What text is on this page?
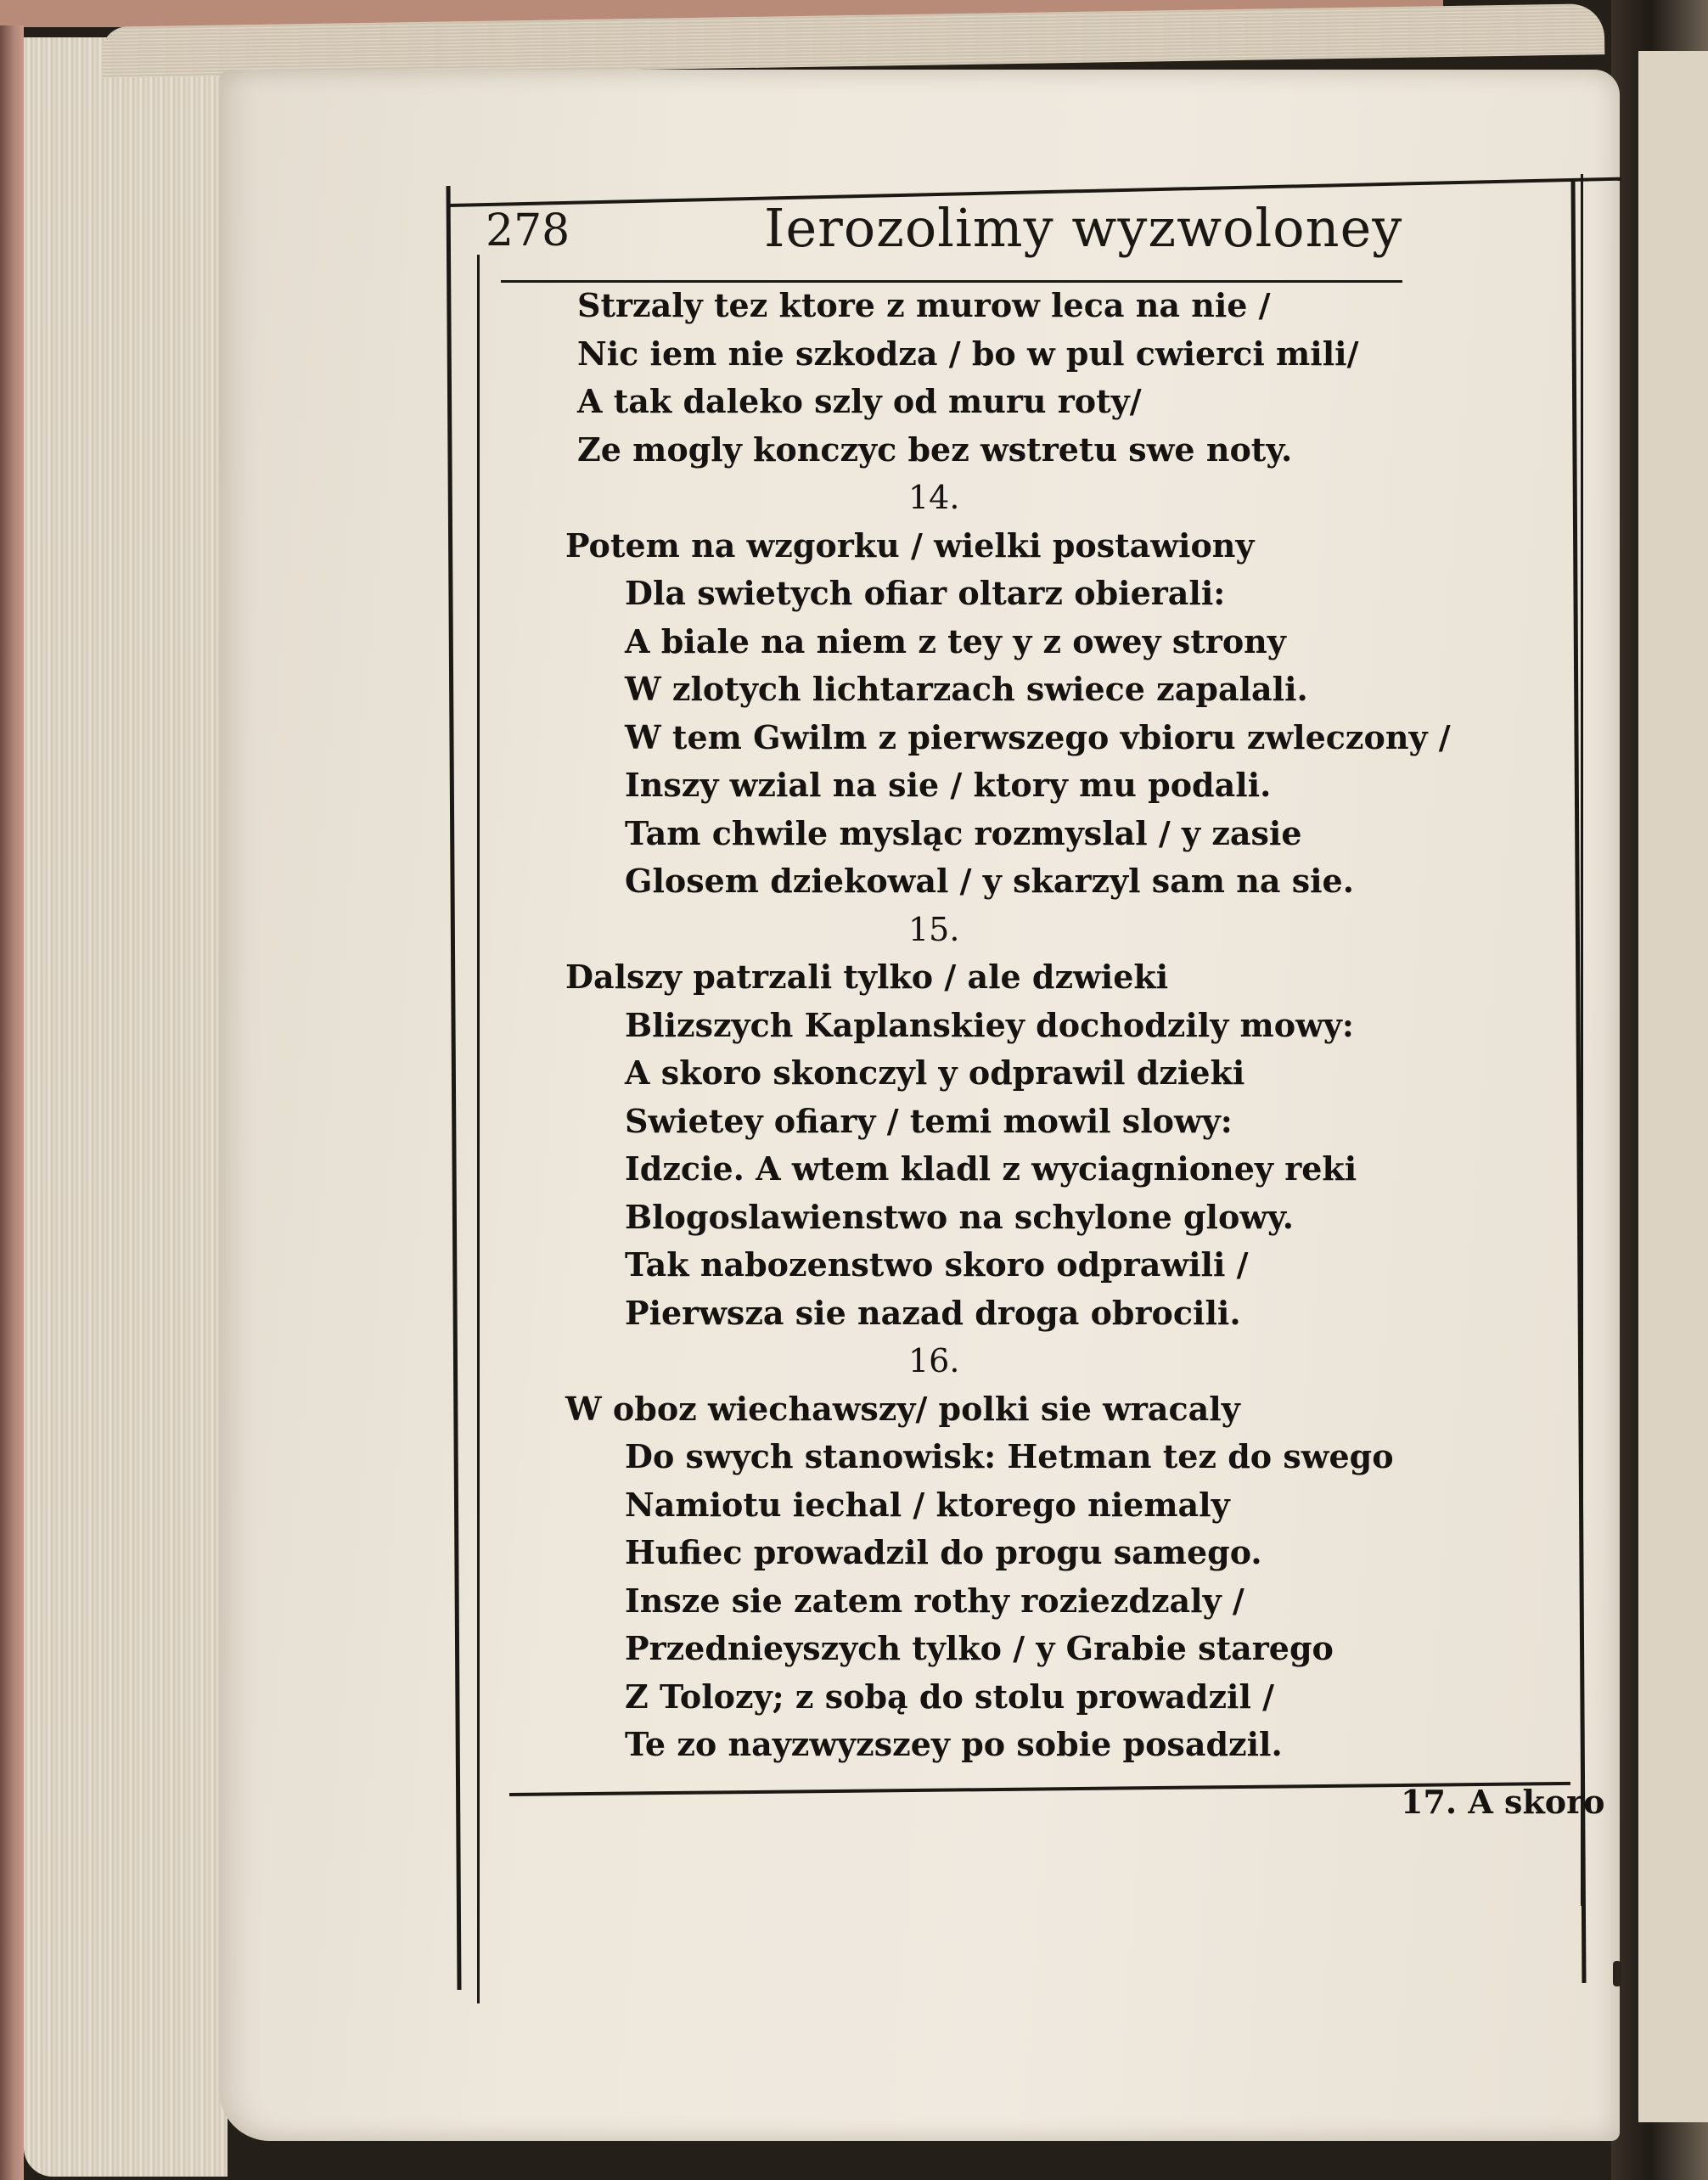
278	Ierozolimy wyzwoloney
Strzaly tez ktore z murow leca na nie /
Nic iem nie szkodza / bo w pul cwierci mili/
A tak daleko szly od muru roty/
Ze mogly konczyc bez wstretu swe noty.
14.
Potem na wzgorku / wielki postawiony
Dla swietych ofiar oltarz obierali:
A biale na niem z tey y z owey strony
W zlotych lichtarzach swiece zapalali.
W tem Gwilm z pierwszego vbioru zwleczony /
Inszy wzial na sie / ktory mu podali.
Tam chwile mysląc rozmyslal / y zasie
Glosem dziekowal / y skarzyl sam na sie.
15.
Dalszy patrzali tylko / ale dzwieki
Blizszych Kaplanskiey dochodzily mowy:
A skoro skonczyl y odprawil dzieki
Swietey ofiary / temi mowil slowy:
Idzcie. A wtem kladl z wyciagnioney reki
Blogoslawienstwo na schylone glowy.
Tak nabozenstwo skoro odprawili /
Pierwsza sie nazad droga obrocili.
16.
W oboz wiechawszy/ polki sie wracaly
Do swych stanowisk: Hetman tez do swego
Namiotu iechal / ktorego niemaly
Hufiec prowadzil do progu samego.
Insze sie zatem rothy roziezdzaly /
Przednieyszych tylko / y Grabie starego
Z Tolozy; z sobą do stolu prowadzil /
Te zo nayzwyzszey po sobie posadzil.
17. A skoro
